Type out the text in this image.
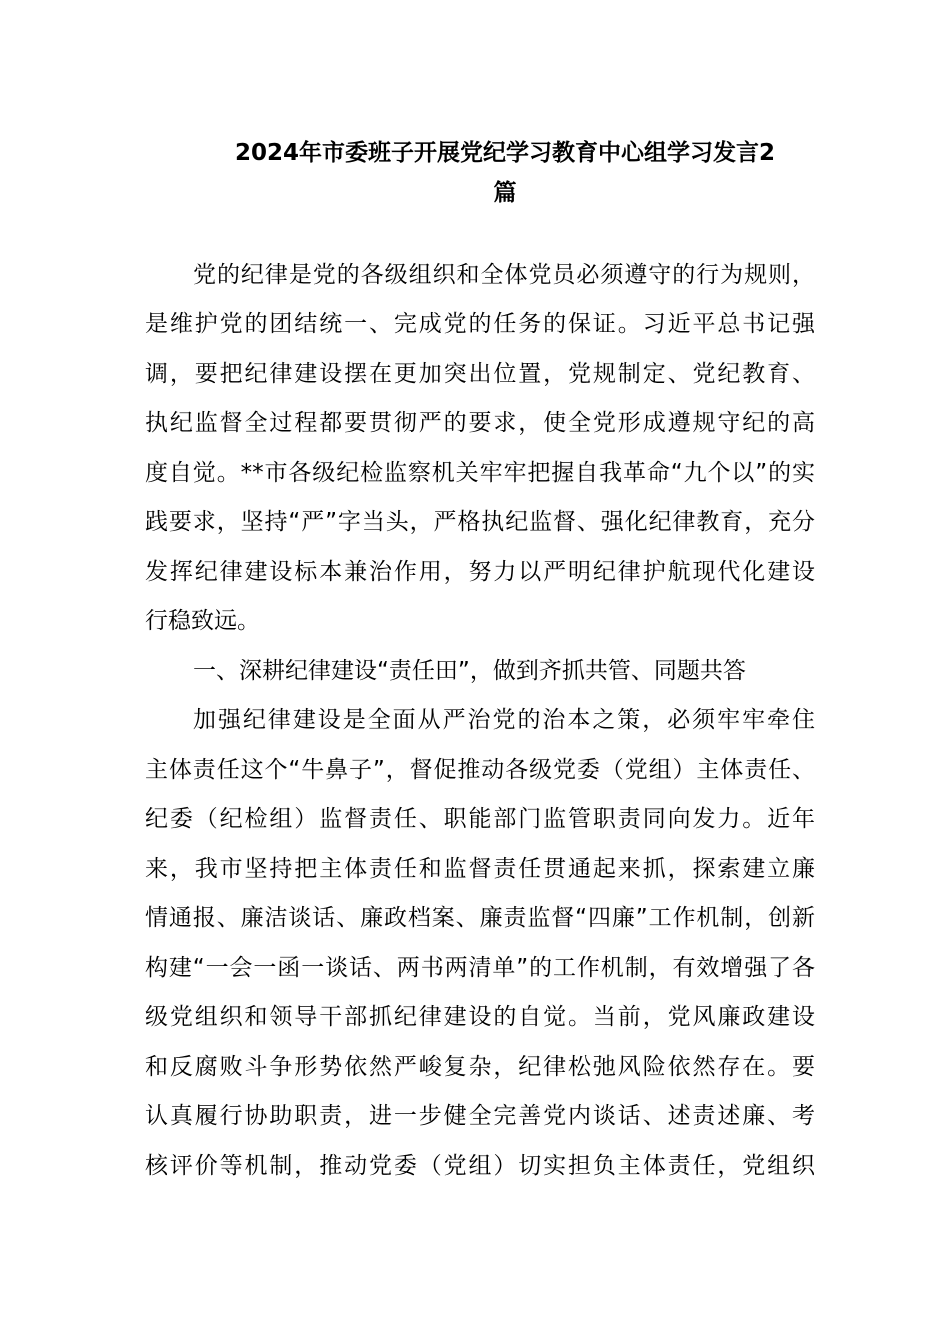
2024年市委班子开展党纪学习教育中心组学习发言2
篇

党的纪律是党的各级组织和全体党员必须遵守的行为规则，

是维护党的团结统一、完成党的任务的保证。习近平总书记强

调，要把纪律建设摆在更加突出位置，党规制定、党纪教育、

执纪监督全过程都要贯彻严的要求，使全党形成遵规守纪的高

度自觉。**市各级纪检监察机关牢牢把握自我革命“九个以”的实

践要求，坚持“严”字当头，严格执纪监督、强化纪律教育，充分

发挥纪律建设标本兼治作用，努力以严明纪律护航现代化建设

行稳致远。

一、深耕纪律建设“责任田”，做到齐抓共管、同题共答

加强纪律建设是全面从严治党的治本之策，必须牢牢牵住

主体责任这个“牛鼻子”，督促推动各级党委（党组）主体责任、

纪委（纪检组）监督责任、职能部门监管职责同向发力。近年

来，我市坚持把主体责任和监督责任贯通起来抓，探索建立廉

情通报、廉洁谈话、廉政档案、廉责监督“四廉”工作机制，创新

构建“一会一函一谈话、两书两清单”的工作机制，有效增强了各

级党组织和领导干部抓纪律建设的自觉。当前，党风廉政建设

和反腐败斗争形势依然严峻复杂，纪律松弛风险依然存在。要

认真履行协助职责，进一步健全完善党内谈话、述责述廉、考

核评价等机制，推动党委（党组）切实担负主体责任，党组织
